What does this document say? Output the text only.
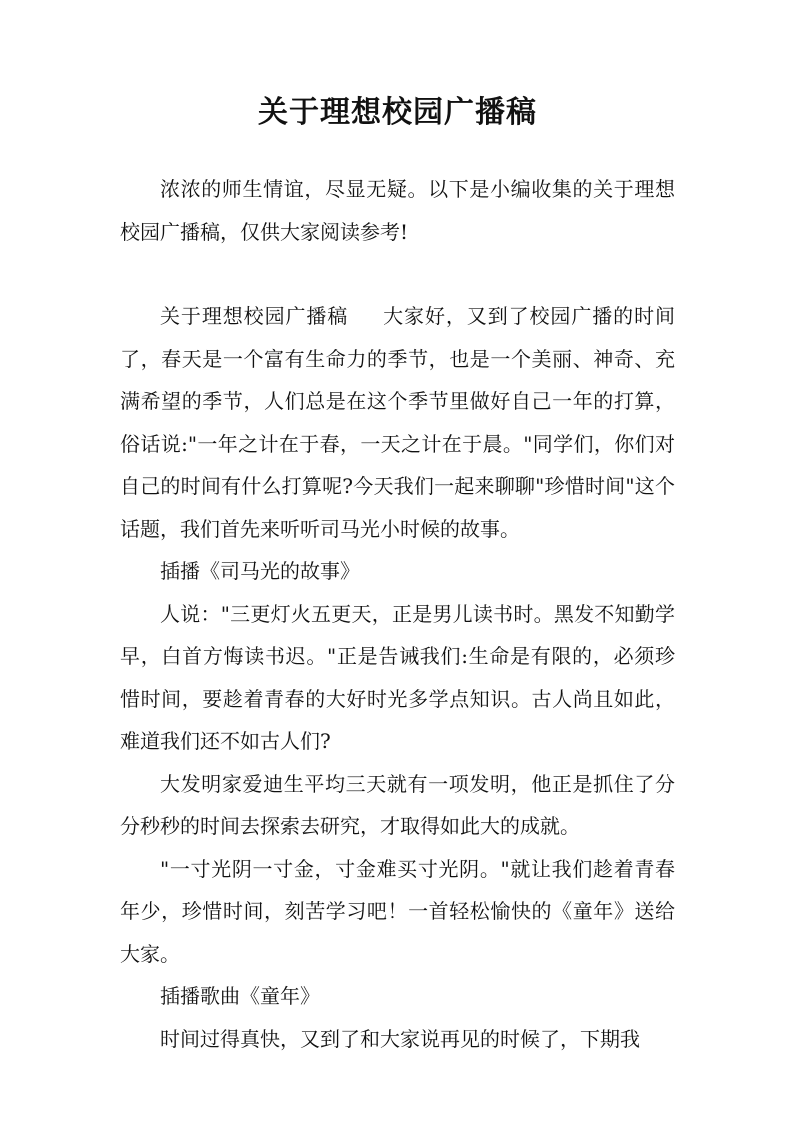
关于理想校园广播稿

浓浓的师生情谊，尽显无疑。以下是小编收集的关于理想校园广播稿，仅供大家阅读参考!

关于理想校园广播稿 大家好，又到了校园广播的时间了，春天是一个富有生命力的季节，也是一个美丽、神奇、充满希望的季节，人们总是在这个季节里做好自己一年的打算，俗话说:"一年之计在于春，一天之计在于晨。"同学们，你们对自己的时间有什么打算呢?今天我们一起来聊聊"珍惜时间"这个话题，我们首先来听听司马光小时候的故事。

插播《司马光的故事》

人说："三更灯火五更天，正是男儿读书时。黑发不知勤学早，白首方悔读书迟。"正是告诫我们:生命是有限的，必须珍惜时间，要趁着青春的大好时光多学点知识。古人尚且如此，难道我们还不如古人们?

大发明家爱迪生平均三天就有一项发明，他正是抓住了分分秒秒的时间去探索去研究，才取得如此大的成就。

"一寸光阴一寸金，寸金难买寸光阴。"就让我们趁着青春年少，珍惜时间，刻苦学习吧！一首轻松愉快的《童年》送给大家。

插播歌曲《童年》

时间过得真快，又到了和大家说再见的时候了，下期我
